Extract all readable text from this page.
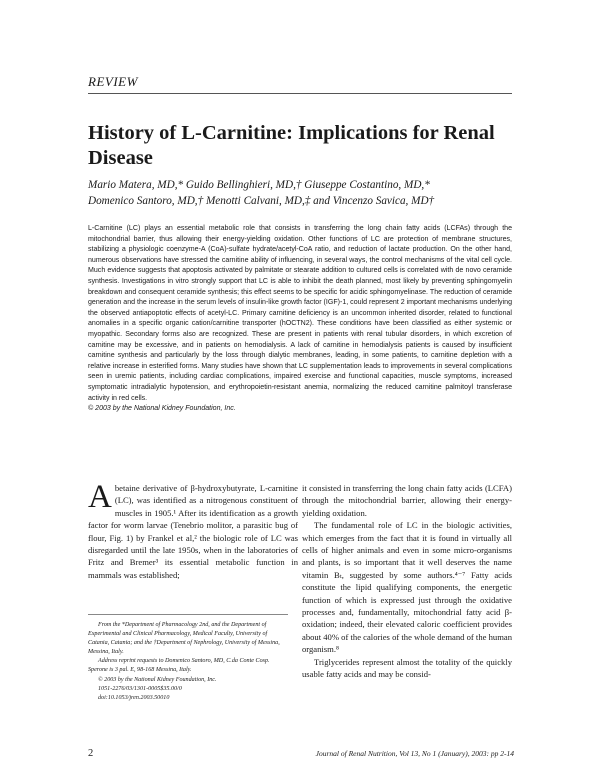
REVIEW
History of L-Carnitine: Implications for Renal Disease
Mario Matera, MD,* Guido Bellinghieri, MD,† Giuseppe Costantino, MD,*
Domenico Santoro, MD,† Menotti Calvani, MD,‡ and Vincenzo Savica, MD†

L-Carnitine (LC) plays an essential metabolic role that consists in transferring the long chain fatty acids (LCFAs) through the mitochondrial barrier, thus allowing their energy-yielding oxidation. Other functions of LC are protection of membrane structures, stabilizing a physiologic coenzyme-A (CoA)-sulfate hydrate/acetyl-CoA ratio, and reduction of lactate production. On the other hand, numerous observations have stressed the carnitine ability of influencing, in several ways, the control mechanisms of the vital cell cycle. Much evidence suggests that apoptosis activated by palmitate or stearate addition to cultured cells is correlated with de novo ceramide synthesis. Investigations in vitro strongly support that LC is able to inhibit the death planned, most likely by preventing sphingomyelin breakdown and consequent ceramide synthesis; this effect seems to be specific for acidic sphingomyelinase. The reduction of ceramide generation and the increase in the serum levels of insulin-like growth factor (IGF)-1, could represent 2 important mechanisms underlying the observed antiapoptotic effects of acetyl-LC. Primary carnitine deficiency is an uncommon inherited disorder, related to functional anomalies in a specific organic cation/carnitine transporter (hOCTN2). These conditions have been classified as either systemic or myopathic. Secondary forms also are recognized. These are present in patients with renal tubular disorders, in which excretion of carnitine may be excessive, and in patients on hemodialysis. A lack of carnitine in hemodialysis patients is caused by insufficient carnitine synthesis and particularly by the loss through dialytic membranes, leading, in some patients, to carnitine depletion with a relative increase in esterified forms. Many studies have shown that LC supplementation leads to improvements in several complications seen in uremic patients, including cardiac complications, impaired exercise and functional capacities, muscle symptoms, increased symptomatic intradialytic hypotension, and erythropoietin-resistant anemia, normalizing the reduced carnitine palmitoyl transferase activity in red cells.

© 2003 by the National Kidney Foundation, Inc.

Abetaine derivative of β-hydroxybutyrate, L-carnitine (LC), was identified as a nitrogenous constituent of muscles in 1905.¹ After its identification as a growth factor for worm larvae (Tenebrio molitor, a parasitic bug of flour, Fig. 1) by Frankel et al,² the biologic role of LC was disregarded until the late 1950s, when in the laboratories of Fritz and Bremer³ its essential metabolic function in mammals was established;

From the *Department of Pharmacology 2nd, and the Department of Experimental and Clinical Pharmacology, Medical Faculty, University of Catania, Catania; and the †Department of Nephrology, University of Messina, Messina, Italy.

Address reprint requests to Domenico Santoro, MD, C.da Conte Cosp. Sperone is 3 pal. E, 98-168 Messina, Italy.

© 2003 by the National Kidney Foundation, Inc.

1051-2276/03/1301-0005$35.00/0

doi:10.1053/jren.2003.50010

it consisted in transferring the long chain fatty acids (LCFA) through the mitochondrial barrier, allowing their energy-yielding oxidation.

The fundamental role of LC in the biologic activities, which emerges from the fact that it is found in virtually all cells of higher animals and even in some micro-organisms and plants, is so important that it well deserves the name vitamin Bₜ, suggested by some authors.⁴⁻⁷ Fatty acids constitute the lipid qualifying components, the energetic function of which is expressed just through the oxidative processes and, fundamentally, mitochondrial fatty acid β-oxidation; indeed, their elevated caloric coefficient provides about 40% of the calories of the whole demand of the human organism.⁸

Triglycerides represent almost the totality of the quickly usable fatty acids and may be consid-

2	Journal of Renal Nutrition, Vol 13, No 1 (January), 2003: pp 2-14
